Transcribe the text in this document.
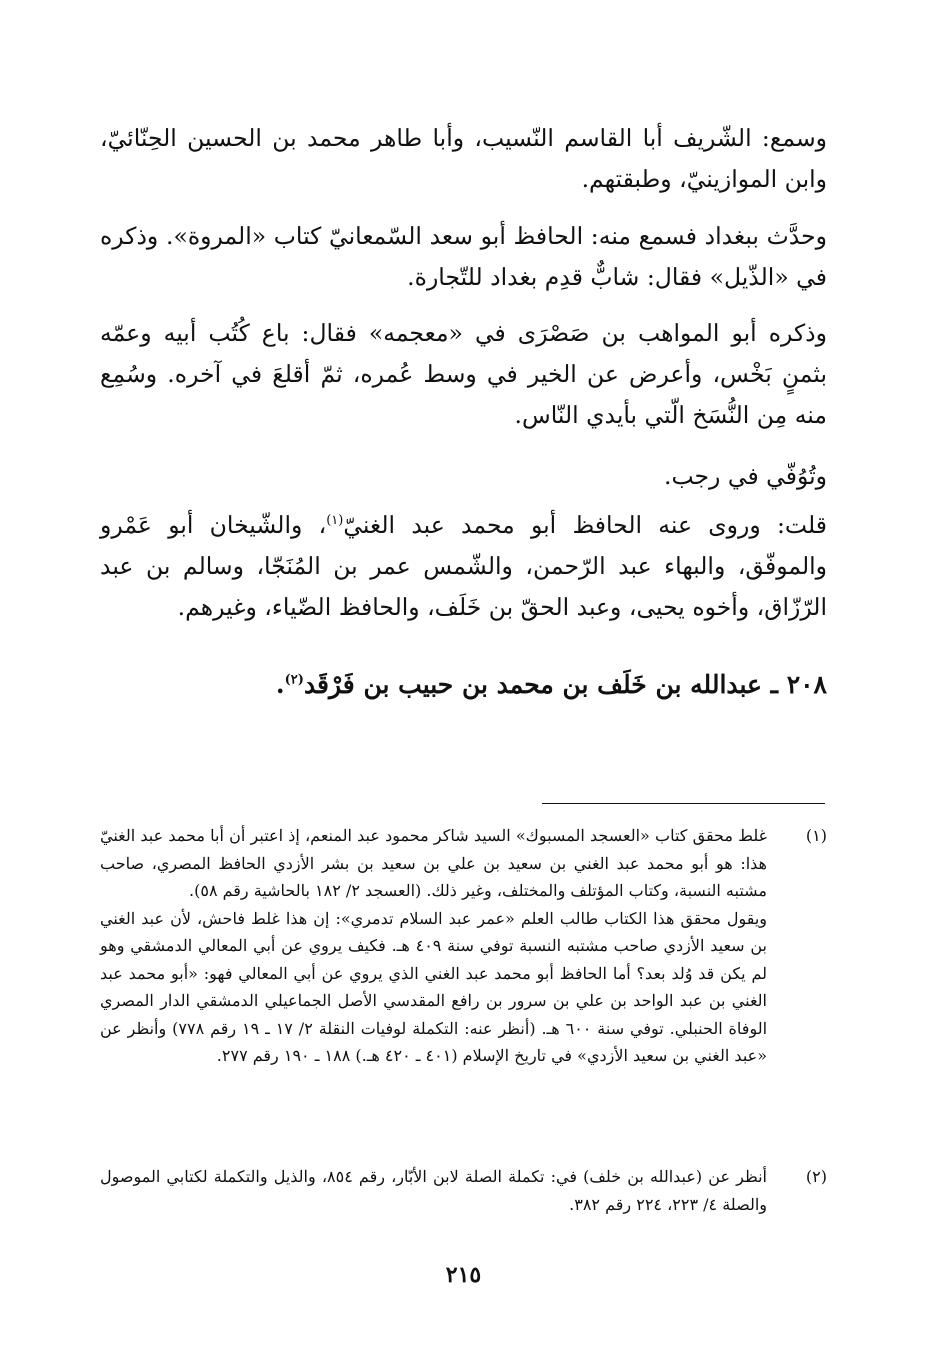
وسمع: الشّريف أبا القاسم النّسيب، وأبا طاهر محمد بن الحسين الحِنّائيّ، وابن الموازينيّ، وطبقتهم.
وحدَّث ببغداد فسمع منه: الحافظ أبو سعد السّمعانيّ كتاب «المروة». وذكره في «الذّيل» فقال: شابٌّ قدِم بغداد للتّجارة.
وذكره أبو المواهب بن صَصْرَى في «معجمه» فقال: باع كُتُب أبيه وعمّه بثمنٍ بَخْس، وأعرض عن الخير في وسط عُمره، ثمّ أقلعَ في آخره. وسُمِع منه مِن النُّسَخ الّتي بأيدي النّاس.
وتُوُفّي في رجب.
قلت: وروى عنه الحافظ أبو محمد عبد الغنيّ$^{(١)}$، والشّيخان أبو عَمْرو والموفّق، والبهاء عبد الرّحمن، والشّمس عمر بن المُنَجّا، وسالم بن عبد الرّزّاق، وأخوه يحيى، وعبد الحقّ بن خَلَف، والحافظ الضّياء، وغيرهم.
٢٠٨ ـ عبدالله بن خَلَف بن محمد بن حبيب بن فَرْقَد$^{(٢)}$.
(١)
غلط محقق كتاب «العسجد المسبوك» السيد شاكر محمود عبد المنعم، إذ اعتبر أن أبا محمد عبد الغنيّ هذا: هو أبو محمد عبد الغني بن سعيد بن علي بن سعيد بن بشر الأزدي الحافظ المصري، صاحب مشتبه النسبة، وكتاب المؤتلف والمختلف، وغير ذلك. (العسجد ٢/ ١٨٢ بالحاشية رقم ٥٨).
ويقول محقق هذا الكتاب طالب العلم «عمر عبد السلام تدمري»: إن هذا غلط فاحش، لأن عبد الغني بن سعيد الأزدي صاحب مشتبه النسبة توفي سنة ٤٠٩ هـ. فكيف يروي عن أبي المعالي الدمشقي وهو لم يكن قد وُلد بعد؟ أما الحافظ أبو محمد عبد الغني الذي يروي عن أبي المعالي فهو: «أبو محمد عبد الغني بن عبد الواحد بن علي بن سرور بن رافع المقدسي الأصل الجماعيلي الدمشقي الدار المصري الوفاة الحنبلي. توفي سنة ٦٠٠ هـ. (أنظر عنه: التكملة لوفيات النقلة ٢/ ١٧ ـ ١٩ رقم ٧٧٨) وأنظر عن «عبد الغني بن سعيد الأزدي» في تاريخ الإسلام (٤٠١ ـ ٤٢٠ هـ.) ١٨٨ ـ ١٩٠ رقم ٢٧٧.
(٢)
أنظر عن (عبدالله بن خلف) في: تكملة الصلة لابن الأبّار، رقم ٨٥٤، والذيل والتكملة لكتابي الموصول والصلة ٤/ ٢٢٣، ٢٢٤ رقم ٣٨٢.
٢١٥
